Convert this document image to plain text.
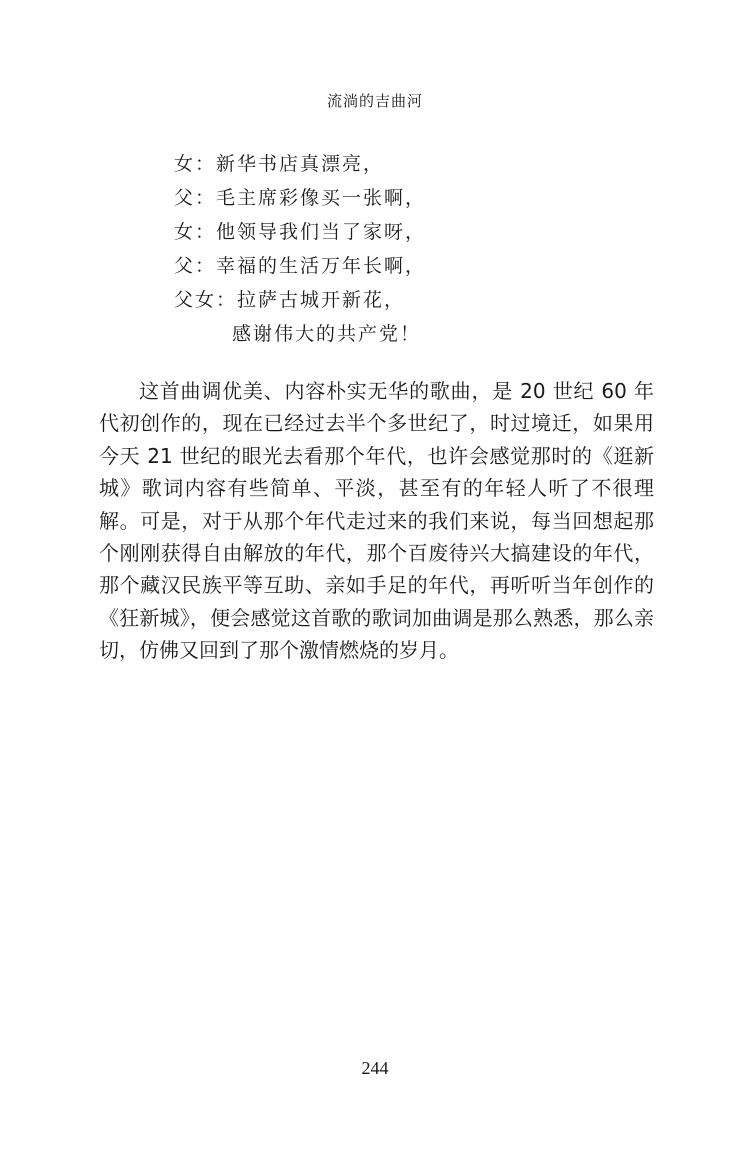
流淌的吉曲河
女：新华书店真漂亮，
父：毛主席彩像买一张啊，
女：他领导我们当了家呀，
父：幸福的生活万年长啊，
父女：拉萨古城开新花，
感谢伟大的共产党！

这首曲调优美、内容朴实无华的歌曲，是 20 世纪 60 年代初创作的，现在已经过去半个多世纪了，时过境迁，如果用今天 21 世纪的眼光去看那个年代，也许会感觉那时的《逛新城》歌词内容有些简单、平淡，甚至有的年轻人听了不很理解。可是，对于从那个年代走过来的我们来说，每当回想起那个刚刚获得自由解放的年代，那个百废待兴大搞建设的年代，那个藏汉民族平等互助、亲如手足的年代，再听听当年创作的《狂新城》，便会感觉这首歌的歌词加曲调是那么熟悉，那么亲切，仿佛又回到了那个激情燃烧的岁月。

244
